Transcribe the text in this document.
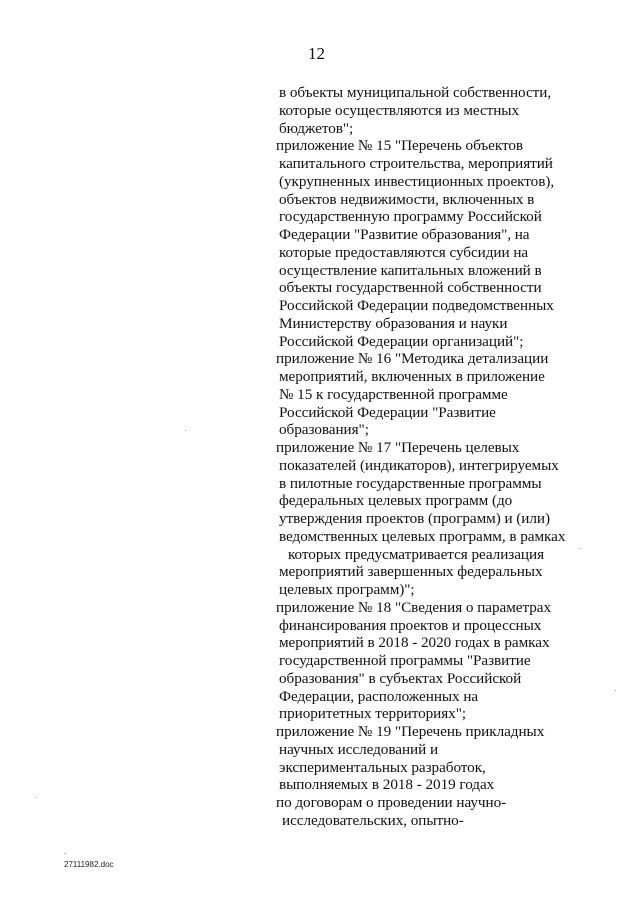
12
в объекты муниципальной собственности,
которые осуществляются из местных
бюджетов";
приложение № 15 "Перечень объектов
капитального строительства, мероприятий
(укрупненных инвестиционных проектов),
объектов недвижимости, включенных в
государственную программу Российской
Федерации "Развитие образования", на
которые предоставляются субсидии на
осуществление капитальных вложений в
объекты государственной собственности
Российской Федерации подведомственных
Министерству образования и науки
Российской Федерации организаций";
приложение № 16 "Методика детализации
мероприятий, включенных в приложение
№ 15 к государственной программе
Российской Федерации "Развитие
образования";
приложение № 17 "Перечень целевых
показателей (индикаторов), интегрируемых
в пилотные государственные программы
федеральных целевых программ (до
утверждения проектов (программ) и (или)
ведомственных целевых программ, в рамках
которых предусматривается реализация
мероприятий завершенных федеральных
целевых программ)";
приложение № 18 "Сведения о параметрах
финансирования проектов и процессных
мероприятий в 2018 - 2020 годах в рамках
государственной программы "Развитие
образования" в субъектах Российской
Федерации, расположенных на
приоритетных территориях";
приложение № 19 "Перечень прикладных
научных исследований и
экспериментальных разработок,
выполняемых в 2018 - 2019 годах
по договорам о проведении научно-
исследовательских, опытно-
-
27111982.doc
